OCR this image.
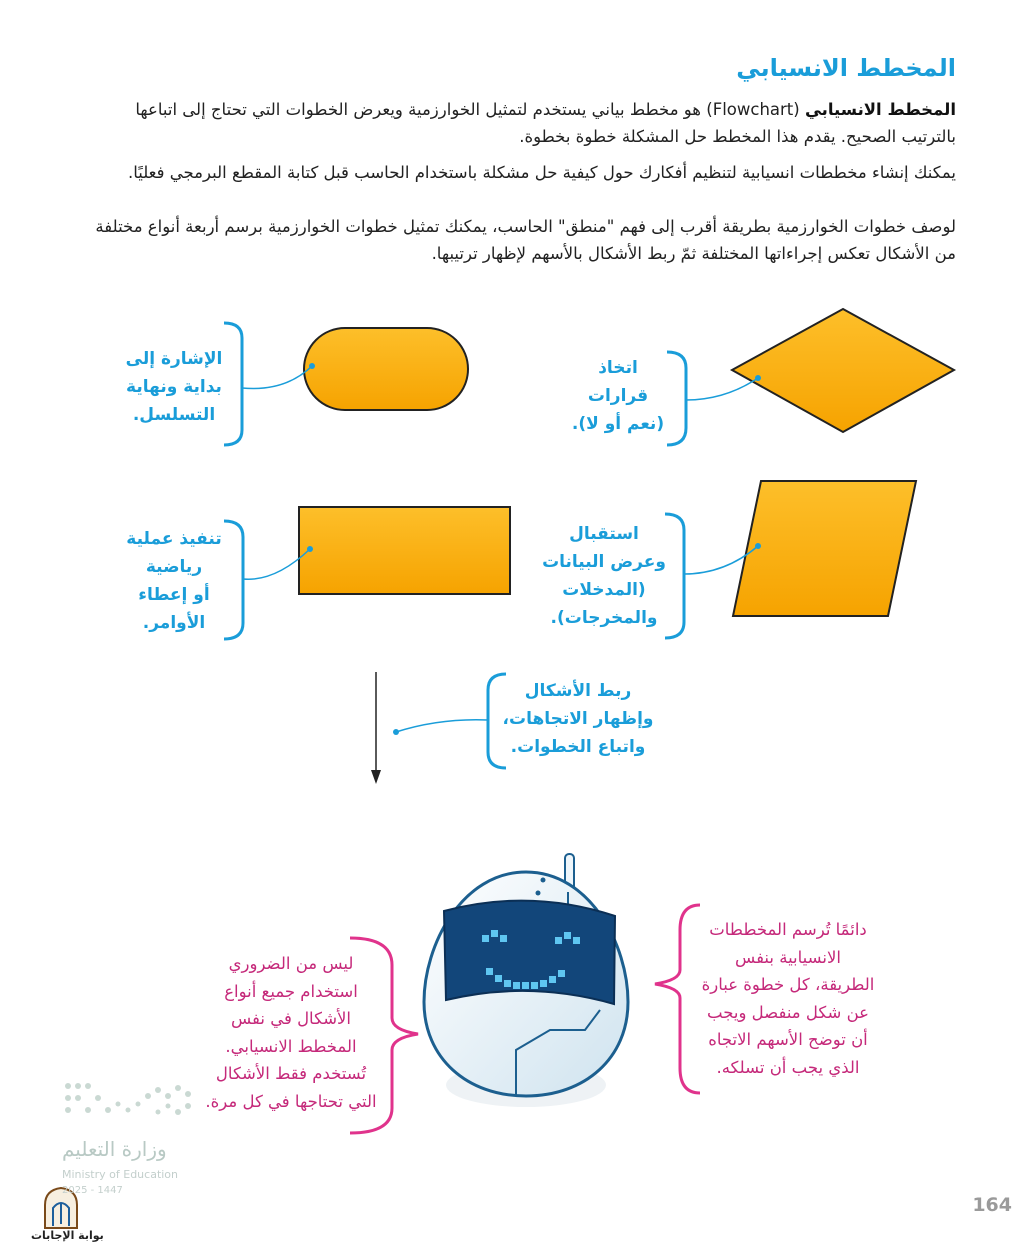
المخطط الانسيابي
المخطط الانسيابي (Flowchart) هو مخطط بياني يستخدم لتمثيل الخوارزمية ويعرض الخطوات التي تحتاج إلى اتباعها بالترتيب الصحيح. يقدم هذا المخطط حل المشكلة خطوة بخطوة.
يمكنك إنشاء مخططات انسيابية لتنظيم أفكارك حول كيفية حل مشكلة باستخدام الحاسب قبل كتابة المقطع البرمجي فعليًا.
لوصف خطوات الخوارزمية بطريقة أقرب إلى فهم "منطق" الحاسب، يمكنك تمثيل خطوات الخوارزمية برسم أربعة أنواع مختلفة من الأشكال تعكس إجراءاتها المختلفة ثمّ ربط الأشكال بالأسهم لإظهار ترتيبها.
الإشارة إلى
بداية ونهاية
التسلسل.
اتخاذ
قرارات
(نعم أو لا).
تنفيذ عملية
رياضية
أو إعطاء
الأوامر.
استقبال
وعرض البيانات
(المدخلات
والمخرجات).
ربط الأشكال
وإظهار الاتجاهات،
واتباع الخطوات.
ليس من الضروري
استخدام جميع أنواع
الأشكال في نفس
المخطط الانسيابي.
تُستخدم فقط الأشكال
التي تحتاجها في كل مرة.
دائمًا تُرسم المخططات
الانسيابية بنفس
الطريقة، كل خطوة عبارة
عن شكل منفصل ويجب
أن توضح الأسهم الاتجاه
الذي يجب أن تسلكه.
وزارة التعليم
Ministry of Education
2025 - 1447
164
بوابة الإجابات
